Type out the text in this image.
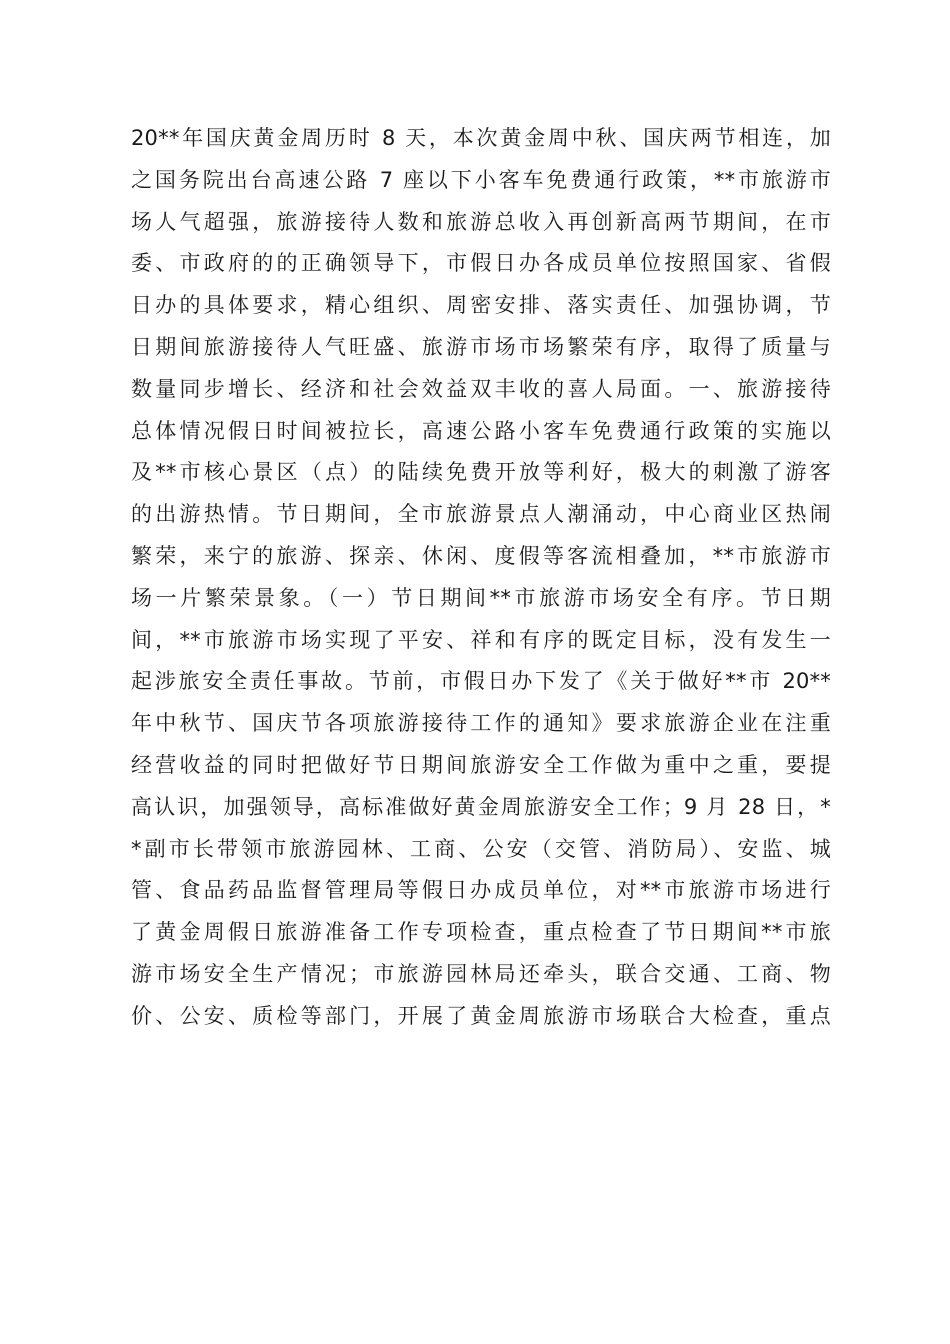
20**年国庆黄金周历时 8 天，本次黄金周中秋、国庆两节相连，加
之国务院出台高速公路 7 座以下小客车免费通行政策，**市旅游市
场人气超强，旅游接待人数和旅游总收入再创新高两节期间，在市
委、市政府的的正确领导下，市假日办各成员单位按照国家、省假
日办的具体要求，精心组织、周密安排、落实责任、加强协调，节
日期间旅游接待人气旺盛、旅游市场市场繁荣有序，取得了质量与
数量同步增长、经济和社会效益双丰收的喜人局面。一、旅游接待
总体情况假日时间被拉长，高速公路小客车免费通行政策的实施以
及**市核心景区（点）的陆续免费开放等利好，极大的刺激了游客
的出游热情。节日期间，全市旅游景点人潮涌动，中心商业区热闹
繁荣，来宁的旅游、探亲、休闲、度假等客流相叠加，**市旅游市
场一片繁荣景象。（一）节日期间**市旅游市场安全有序。节日期
间，**市旅游市场实现了平安、祥和有序的既定目标，没有发生一
起涉旅安全责任事故。节前，市假日办下发了《关于做好**市 20**
年中秋节、国庆节各项旅游接待工作的通知》要求旅游企业在注重
经营收益的同时把做好节日期间旅游安全工作做为重中之重，要提
高认识，加强领导，高标准做好黄金周旅游安全工作；9 月 28 日，*
*副市长带领市旅游园林、工商、公安（交管、消防局）、安监、城
管、食品药品监督管理局等假日办成员单位，对**市旅游市场进行
了黄金周假日旅游准备工作专项检查，重点检查了节日期间**市旅
游市场安全生产情况；市旅游园林局还牵头，联合交通、工商、物
价、公安、质检等部门，开展了黄金周旅游市场联合大检查，重点
